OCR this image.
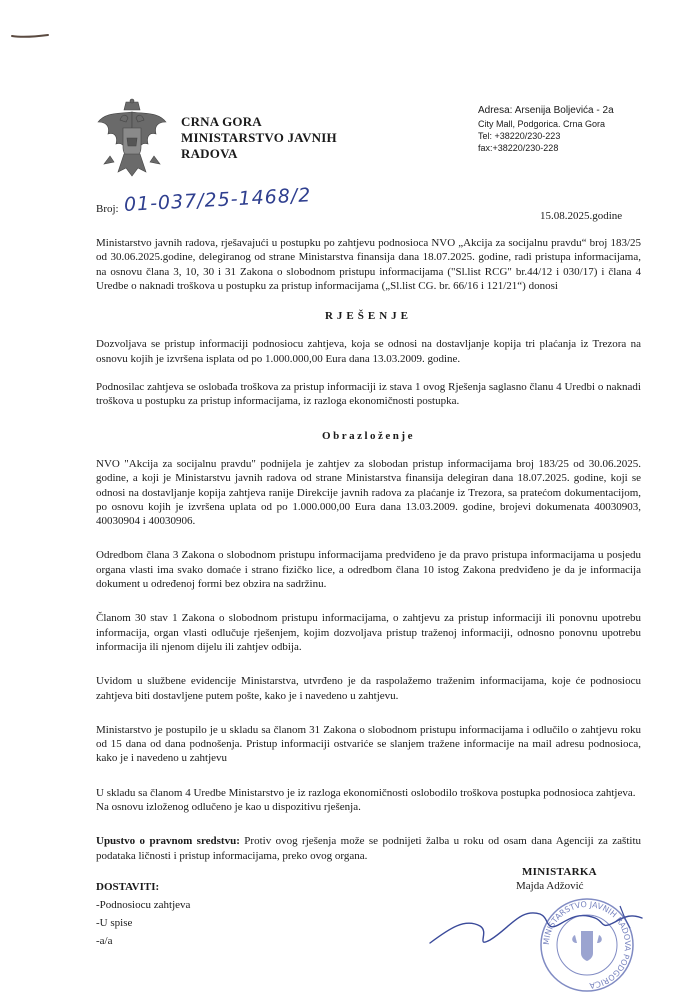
CRNA GORA
MINISTARSTVO JAVNIH
RADOVA
Adresa: Arsenija Boljevića - 2a
City Mall, Podgorica. Crna Gora
Tel: +38220/230-223
fax:+38220/230-228
Broj: 01-037/25-1468/2
15.08.2025.godine

Ministarstvo javnih radova, rješavajući u postupku po zahtjevu podnosioca NVO „Akcija za socijalnu pravdu“ broj 183/25 od 30.06.2025.godine, delegiranog od strane Ministarstva finansija dana 18.07.2025. godine, radi pristupa informacijama, na osnovu člana 3, 10, 30 i 31 Zakona o slobodnom pristupu informacijama ("Sl.list RCG" br.44/12 i 030/17) i člana 4 Uredbe o naknadi troškova u postupku za pristup informacijama („Sl.list CG. br. 66/16 i 121/21“) donosi

RJEŠENJE

Dozvoljava se pristup informaciji podnosiocu zahtjeva, koja se odnosi na dostavljanje kopija tri plaćanja iz Trezora na osnovu kojih je izvršena isplata od po 1.000.000,00 Eura dana 13.03.2009. godine.

Podnosilac zahtjeva se oslobađa troškova za pristup informaciji iz stava 1 ovog Rješenja saglasno članu 4 Uredbi o naknadi troškova u postupku za pristup informacijama, iz razloga ekonomičnosti postupka.

Obrazloženje

NVO "Akcija za socijalnu pravdu" podnijela je zahtjev za slobodan pristup informacijama broj 183/25 od 30.06.2025. godine, a koji je Ministarstvu javnih radova od strane Ministarstva finansija delegiran dana 18.07.2025. godine, koji se odnosi na dostavljanje kopija zahtjeva ranije Direkcije javnih radova za plaćanje iz Trezora, sa pratećom dokumentacijom, po osnovu kojih je izvršena uplata od po 1.000.000,00 Eura dana 13.03.2009. godine, brojevi dokumenata 40030903, 40030904 i 40030906.

Odredbom člana 3 Zakona o slobodnom pristupu informacijama predviđeno je da pravo pristupa informacijama u posjedu organa vlasti ima svako domaće i strano fizičko lice, a odredbom člana 10 istog Zakona predviđeno je da je informacija dokument u određenoj formi bez obzira na sadržinu.

Članom 30 stav 1 Zakona o slobodnom pristupu informacijama, o zahtjevu za pristup informaciji ili ponovnu upotrebu informacija, organ vlasti odlučuje rješenjem, kojim dozvoljava pristup traženoj informaciji, odnosno ponovnu upotrebu informacija ili njenom dijelu ili zahtjev odbija.

Uvidom u službene evidencije Ministarstva, utvrđeno je da raspolažemo traženim informacijama, koje će podnosiocu zahtjeva biti dostavljene putem pošte, kako je i navedeno u zahtjevu.

Ministarstvo je postupilo je u skladu sa članom 31 Zakona o slobodnom pristupu informacijama i odlučilo o zahtjevu roku od 15 dana od dana podnošenja. Pristup informaciji ostvariće se slanjem tražene informacije na mail adresu podnosioca, kako je i navedeno u zahtjevu

U skladu sa članom 4 Uredbe Ministarstvo je iz razloga ekonomičnosti oslobodilo troškova postupka podnosioca zahtjeva.

Na osnovu izloženog odlučeno je kao u dispozitivu rješenja.

Upustvo o pravnom sredstvu: Protiv ovog rješenja može se podnijeti žalba u roku od osam dana Agenciji za zaštitu podataka ličnosti i pristup informacijama, preko ovog organa.

MINISTARKA
Majda Adžović
DOSTAVITI:
-Podnosiocu zahtjeva
-U spise
-a/a	MINISTARSTVO JAVNIH RADOVA PODGORICA
